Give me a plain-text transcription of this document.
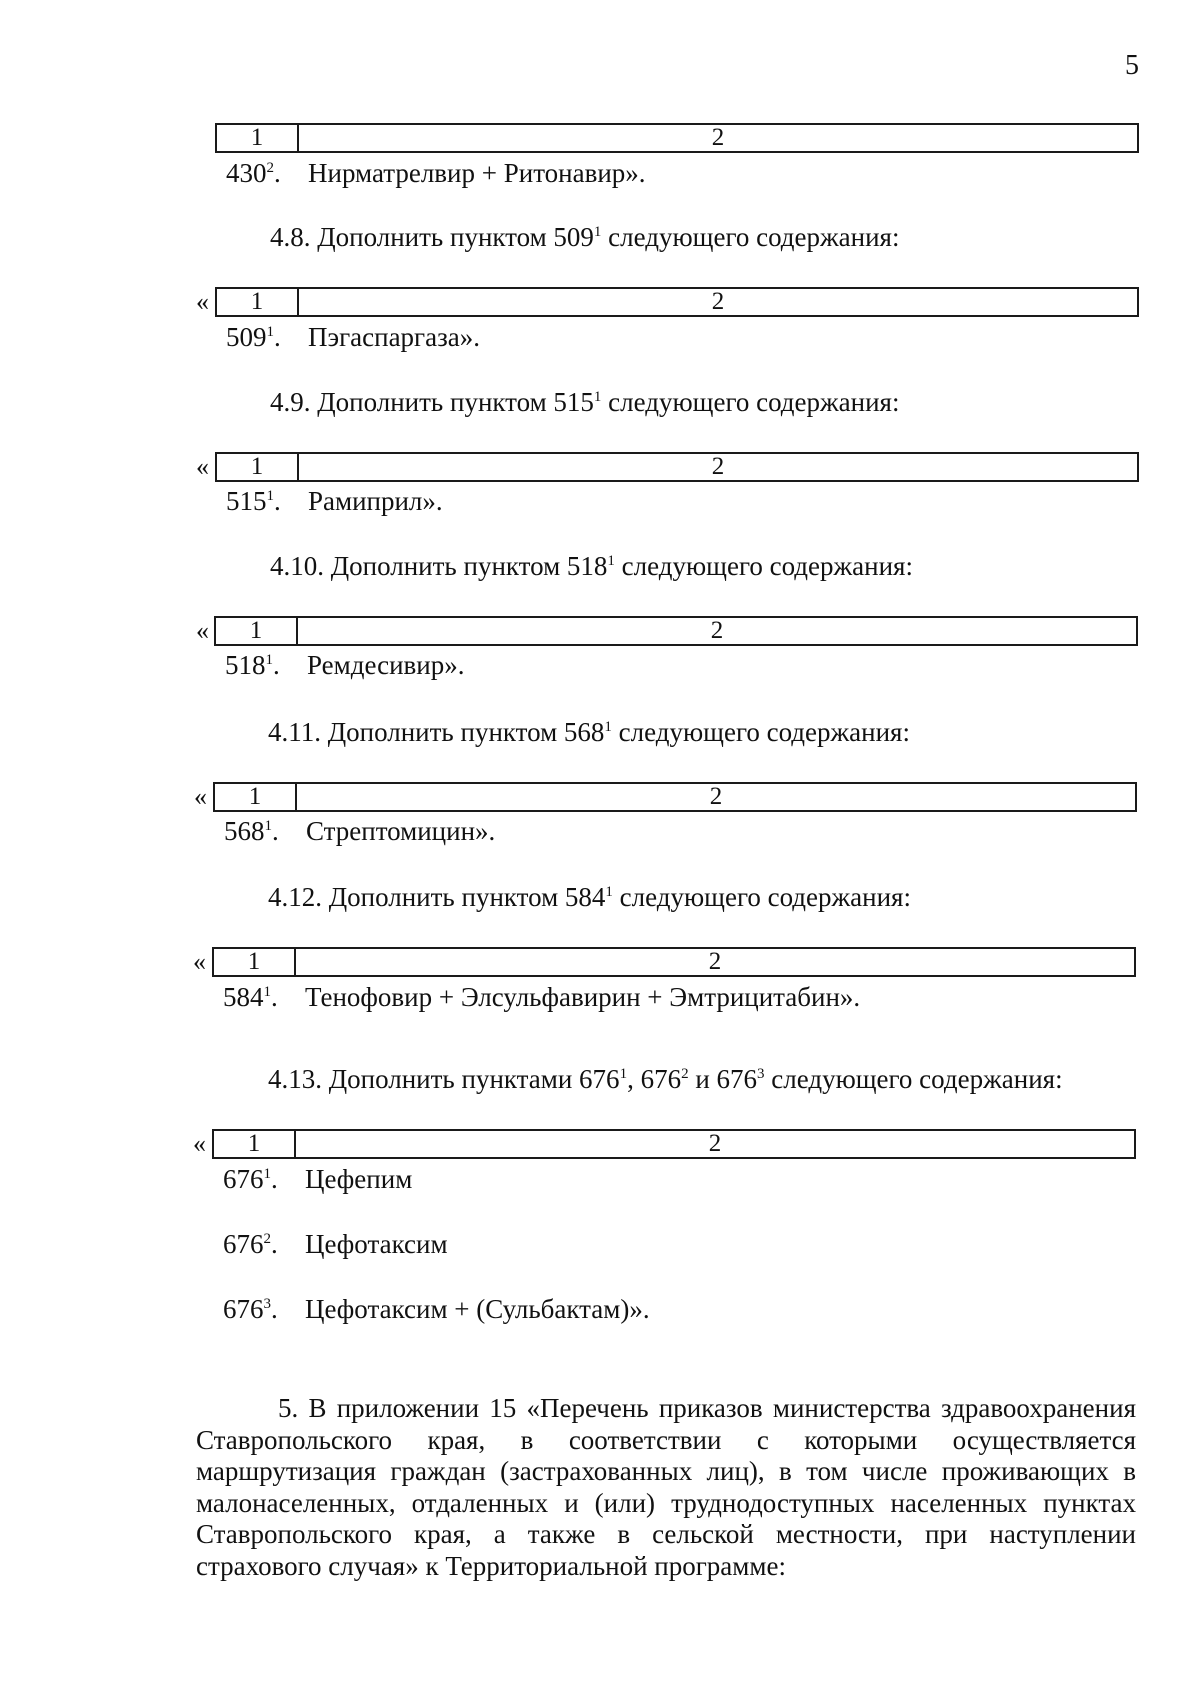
5
1	2
$430^2$. Нирматрелвир + Ритонавир».
4.8. Дополнить пунктом $509^1$ следующего содержания:
«	1	2
$509^1$. Пэгаспаргаза».
4.9. Дополнить пунктом $515^1$ следующего содержания:
«	1	2
$515^1$. Рамиприл».
4.10. Дополнить пунктом $518^1$ следующего содержания:
«	1	2
$518^1$. Ремдесивир».
4.11. Дополнить пунктом $568^1$ следующего содержания:
«	1	2
$568^1$. Стрептомицин».
4.12. Дополнить пунктом $584^1$ следующего содержания:
«	1	2
$584^1$. Тенофовир + Элсульфавирин + Эмтрицитабин».
4.13. Дополнить пунктами $676^1$, $676^2$ и $676^3$ следующего содержания:
«	1	2
$676^1$. Цефепим
$676^2$. Цефотаксим
$676^3$. Цефотаксим + (Сульбактам)».

5. В приложении 15 «Перечень приказов министерства здравоохранения Ставропольского края, в соответствии с которыми осуществляется маршрутизация граждан (застрахованных лиц), в том числе проживающих в малонаселенных, отдаленных и (или) труднодоступных населенных пунктах Ставропольского края, а также в сельской местности, при наступлении страхового случая» к Территориальной программе:
